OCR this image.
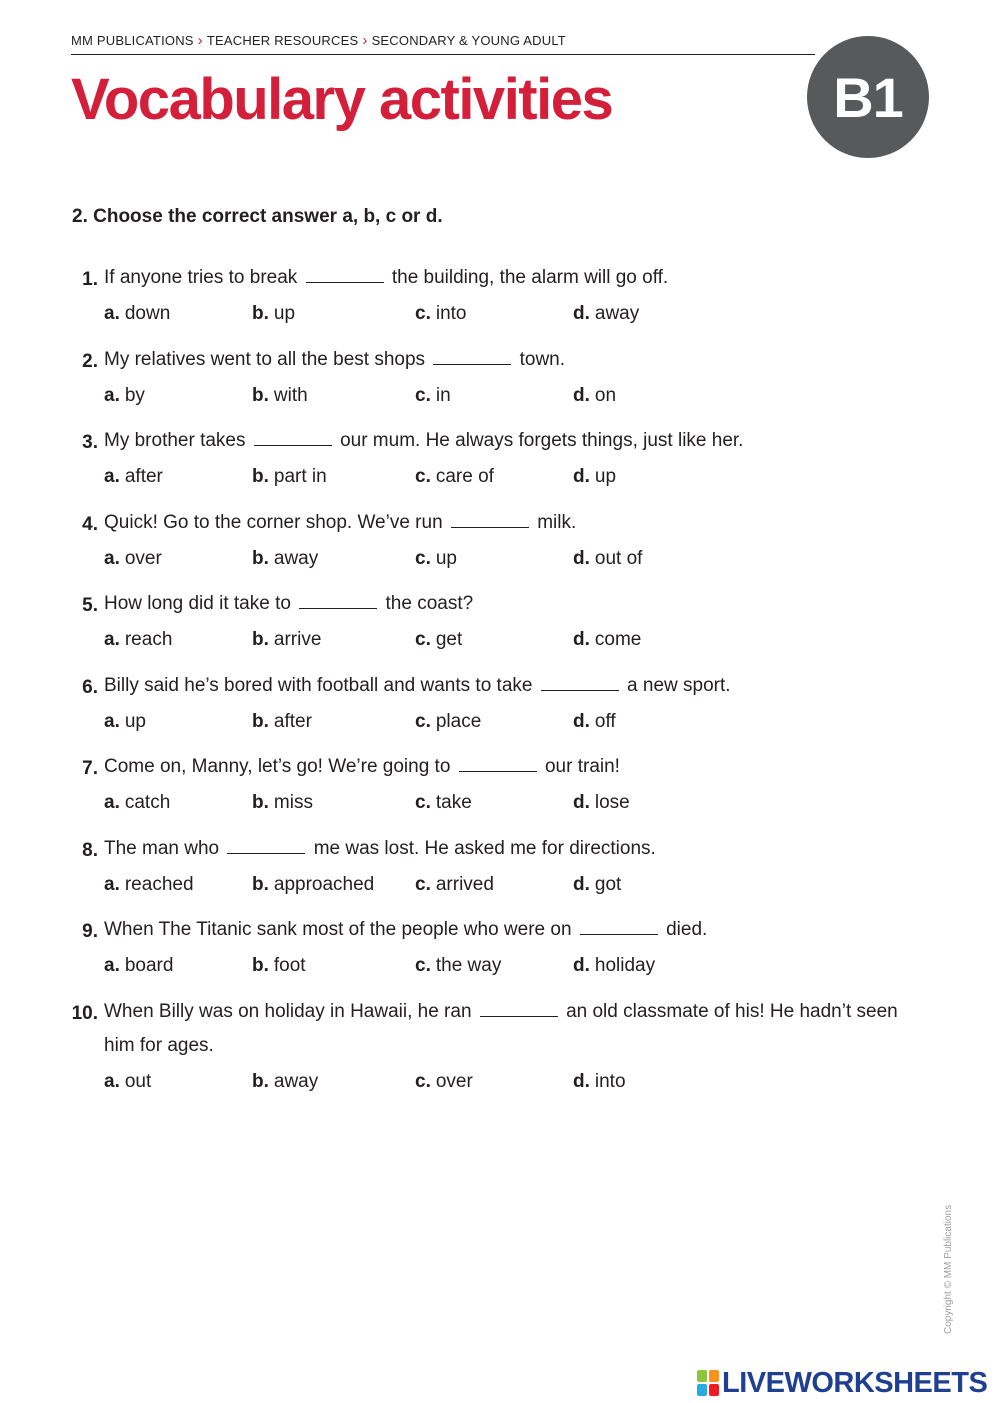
MM PUBLICATIONS › TEACHER RESOURCES › SECONDARY & YOUNG ADULT
Vocabulary activities	B1

2. Choose the correct answer a, b, c or d.

1. If anyone tries to break	the building, the alarm will go off.
a. down	b. up	c. into	d. away
2. My relatives went to all the best shops	town.
a. by	b. with	c. in	d. on
3. My brother takes	our mum. He always forgets things, just like her.
a. after	b. part in	c. care of	d. up
4. Quick! Go to the corner shop. We’ve run	milk.
a. over	b. away	c. up	d. out of
5. How long did it take to	the coast?
a. reach	b. arrive	c. get	d. come
6. Billy said he’s bored with football and wants to take	a new sport.
a. up	b. after	c. place	d. off
7. Come on, Manny, let’s go! We’re going to	our train!
a. catch	b. miss	c. take	d. lose
8. The man who	me was lost. He asked me for directions.
a. reached	b. approached c. arrived	d. got
9. When The Titanic sank most of the people who were on	died.
a. board	b. foot	c. the way	d. holiday
10. When Billy was on holiday in Hawaii, he ran	an old classmate of his! He hadn’t seen him for ages.
a. out	b. away	c. over	d. into
Copyright © MM Publications
LIVEWORKSHEETS
